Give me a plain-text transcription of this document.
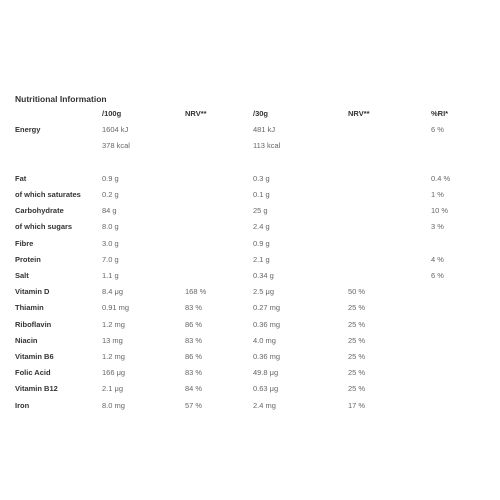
Nutritional Information
	/100g	NRV**	/30g	NRV**	%RI*
Energy	1604 kJ		481 kJ		6 %
	378 kcal		113 kcal		

Fat	0.9 g		0.3 g		0.4 %
of which saturates	0.2 g		0.1 g		1 %
Carbohydrate	84 g		25 g		10 %
of which sugars	8.0 g		2.4 g		3 %
Fibre	3.0 g		0.9 g		
Protein	7.0 g		2.1 g		4 %
Salt	1.1 g		0.34 g		6 %
Vitamin D	8.4 μg	168 %	2.5 μg	50 %	
Thiamin	0.91 mg	83 %	0.27 mg	25 %	
Riboflavin	1.2 mg	86 %	0.36 mg	25 %	
Niacin	13 mg	83 %	4.0 mg	25 %	
Vitamin B6	1.2 mg	86 %	0.36 mg	25 %	
Folic Acid	166 μg	83 %	49.8 μg	25 %	
Vitamin B12	2.1 μg	84 %	0.63 μg	25 %	
Iron	8.0 mg	57 %	2.4 mg	17 %	
